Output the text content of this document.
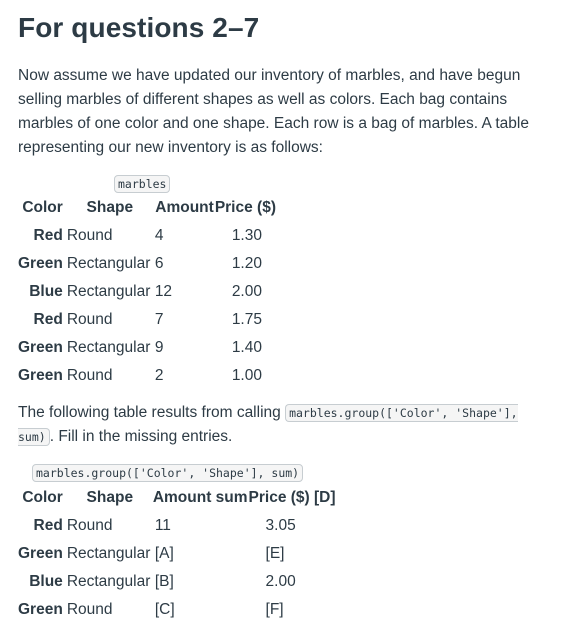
For questions 2–7

Now assume we have updated our inventory of marbles, and have begun selling marbles of different shapes as well as colors. Each bag contains marbles of one color and one shape. Each row is a bag of marbles. A table representing our new inventory is as follows:

marbles
Color	Shape	Amount	Price ($)
Red	Round	4	1.30
Green	Rectangular	6	1.20
Blue	Rectangular	12	2.00
Red	Round	7	1.75
Green	Rectangular	9	1.40
Green	Round	2	1.00

The following table results from calling marbles.group(['Color', 'Shape'], sum) . Fill in the missing entries.

marbles.group(['Color', 'Shape'], sum)
Color	Shape	Amount sum	Price ($) [D]
Red	Round	11	3.05
Green	Rectangular	[A]	[E]
Blue	Rectangular	[B]	2.00
Green	Round	[C]	[F]
